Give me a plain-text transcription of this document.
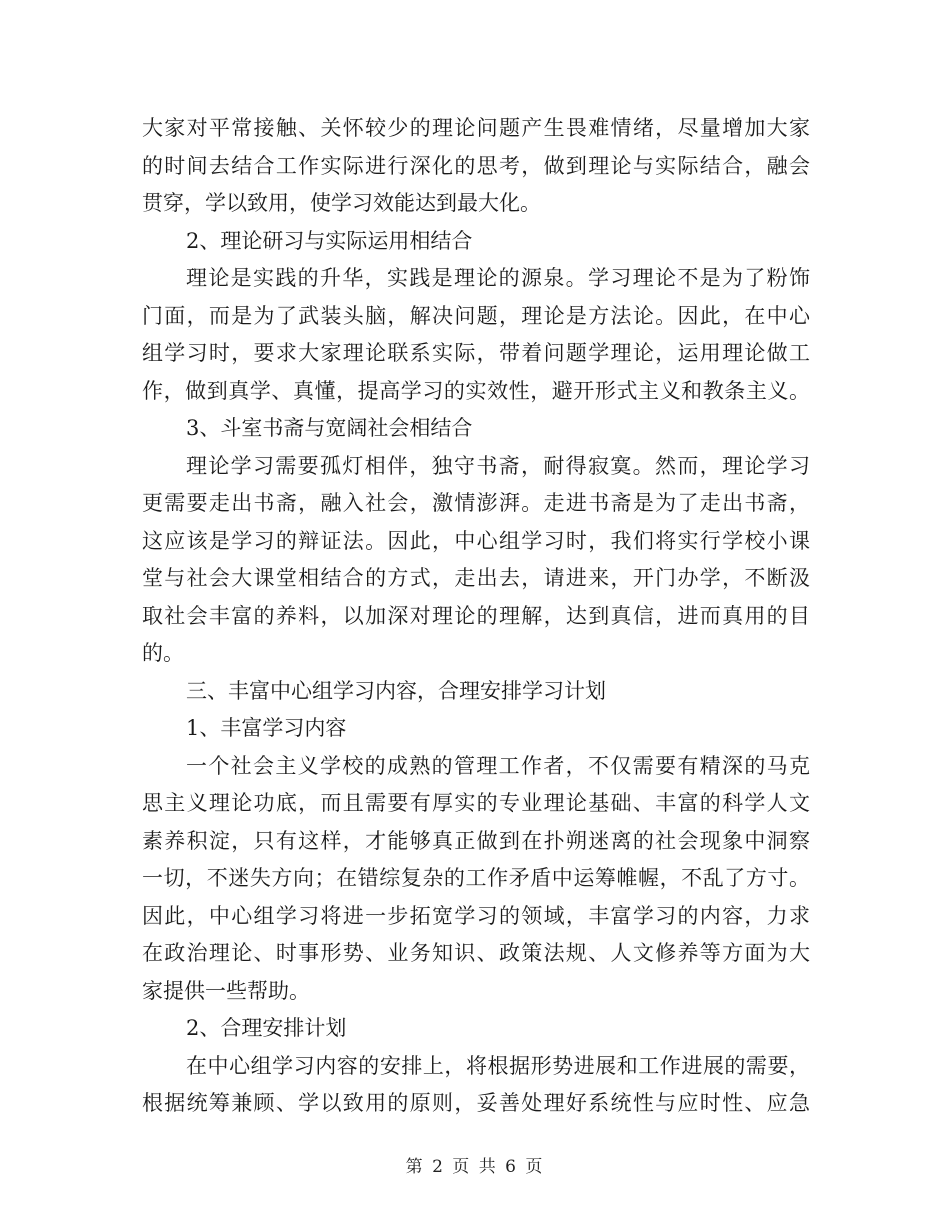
大家对平常接触、关怀较少的理论问题产生畏难情绪，尽量增加大家

的时间去结合工作实际进行深化的思考，做到理论与实际结合，融会

贯穿，学以致用，使学习效能达到最大化。

2、理论研习与实际运用相结合

理论是实践的升华，实践是理论的源泉。学习理论不是为了粉饰

门面，而是为了武装头脑，解决问题，理论是方法论。因此，在中心

组学习时，要求大家理论联系实际，带着问题学理论，运用理论做工

作，做到真学、真懂，提高学习的实效性，避开形式主义和教条主义。

3、斗室书斋与宽阔社会相结合

理论学习需要孤灯相伴，独守书斋，耐得寂寞。然而，理论学习

更需要走出书斋，融入社会，激情澎湃。走进书斋是为了走出书斋，

这应该是学习的辩证法。因此，中心组学习时，我们将实行学校小课

堂与社会大课堂相结合的方式，走出去，请进来，开门办学，不断汲

取社会丰富的养料，以加深对理论的理解，达到真信，进而真用的目

的。

三、丰富中心组学习内容，合理安排学习计划

1、丰富学习内容

一个社会主义学校的成熟的管理工作者，不仅需要有精深的马克

思主义理论功底，而且需要有厚实的专业理论基础、丰富的科学人文

素养积淀，只有这样，才能够真正做到在扑朔迷离的社会现象中洞察

一切，不迷失方向；在错综复杂的工作矛盾中运筹帷幄，不乱了方寸。

因此，中心组学习将进一步拓宽学习的领域，丰富学习的内容，力求

在政治理论、时事形势、业务知识、政策法规、人文修养等方面为大

家提供一些帮助。

2、合理安排计划

在中心组学习内容的安排上，将根据形势进展和工作进展的需要，

根据统筹兼顾、学以致用的原则，妥善处理好系统性与应时性、应急

第 2 页 共 6 页
